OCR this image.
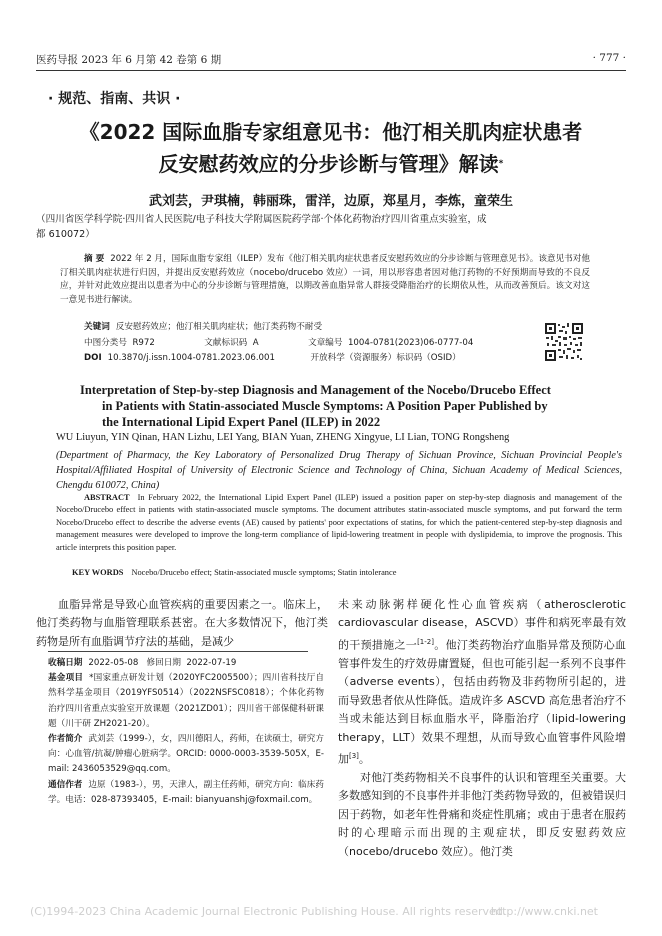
医药导报 2023 年 6 月第 42 卷第 6 期	· 777 ·
· 规范、指南、共识 ·
《2022 国际血脂专家组意见书：他汀相关肌肉症状患者
反安慰药效应的分步诊断与管理》解读*
武刘芸，尹琪楠，韩丽珠，雷洋，边原，郑星月，李炼，童荣生
（四川省医学科学院·四川省人民医院/电子科技大学附属医院药学部·个体化药物治疗四川省重点实验室，成
都 610072）
摘 要 2022 年 2 月，国际血脂专家组（ILEP）发布《他汀相关肌肉症状患者反安慰药效应的分步诊断与管理意见书》。该意见书对他汀相关肌肉症状进行归因，并提出反安慰药效应（nocebo/drucebo 效应）一词，用以形容患者因对他汀药物的不好预期而导致的不良反应，并针对此效应提出以患者为中心的分步诊断与管理措施，以期改善血脂异常人群接受降脂治疗的长期依从性，从而改善预后。该文对这一意见书进行解读。
关键词 反安慰药效应；他汀相关肌肉症状；他汀类药物不耐受
中图分类号 R972	文献标识码 A	文章编号 1004-0781(2023)06-0777-04
DOI 10.3870/j.issn.1004-0781.2023.06.001	开放科学（资源服务）标识码（OSID）
Interpretation of Step-by-step Diagnosis and Management of the Nocebo/Drucebo Effect
in Patients with Statin-associated Muscle Symptoms: A Position Paper Published by
the International Lipid Expert Panel (ILEP) in 2022
WU Liuyun, YIN Qinan, HAN Lizhu, LEI Yang, BIAN Yuan, ZHENG Xingyue, LI Lian, TONG Rongsheng
(Department of Pharmacy, the Key Laboratory of Personalized Drug Therapy of Sichuan Province, Sichuan Provincial People's Hospital/Affiliated Hospital of University of Electronic Science and Technology of China, Sichuan Academy of Medical Sciences, Chengdu 610072, China)
ABSTRACT In February 2022, the International Lipid Expert Panel (ILEP) issued a position paper on step-by-step diagnosis and management of the Nocebo/Drucebo effect in patients with statin-associated muscle symptoms. The document attributes statin-associated muscle symptoms, and put forward the term Nocebo/Drucebo effect to describe the adverse events (AE) caused by patients' poor expectations of statins, for which the patient-centered step-by-step diagnosis and management measures were developed to improve the long-term compliance of lipid-lowering treatment in people with dyslipidemia, to improve the prognosis. This article interprets this position paper.
KEY WORDS Nocebo/Drucebo effect; Statin-associated muscle symptoms; Statin intolerance

血脂异常是导致心血管疾病的重要因素之一。临床上，他汀类药物与血脂管理联系甚密。在大多数情况下，他汀类药物是所有血脂调节疗法的基础，是减少

收稿日期 2022-05-08 修回日期 2022-07-19

基金项目 *国家重点研发计划（2020YFC2005500）；四川省科技厅自然科学基金项目（2019YFS0514）（2022NSFSC0818）；个体化药物治疗四川省重点实验室开放课题（2021ZD01）；四川省干部保健科研课题（川干研 ZH2021-20）。

作者简介 武刘芸（1999-），女，四川德阳人，药师，在读硕士，研究方向：心血管/抗凝/肿瘤心脏病学。ORCID: 0000-0003-3539-505X，E-mail: 2436053529@qq.com。

通信作者 边原（1983-），男，天津人，副主任药师，研究方向：临床药学。电话：028-87393405，E-mail: bianyuanshj@foxmail.com。

未来动脉粥样硬化性心血管疾病（atherosclerotic cardiovascular disease，ASCVD）事件和病死率最有效的干预措施之一[1-2]。他汀类药物治疗血脂异常及预防心血管事件发生的疗效毋庸置疑，但也可能引起一系列不良事件（adverse events），包括由药物及非药物所引起的，进而导致患者依从性降低。造成许多 ASCVD 高危患者治疗不当或未能达到目标血脂水平，降脂治疗（lipid-lowering therapy，LLT）效果不理想，从而导致心血管事件风险增加[3]。

对他汀类药物相关不良事件的认识和管理至关重要。大多数感知到的不良事件并非他汀类药物导致的，但被错误归因于药物，如老年性骨痛和炎症性肌痛；或由于患者在服药时的心理暗示而出现的主观症状，即反安慰药效应（nocebo/drucebo 效应）。他汀类

(C)1994-2023 China Academic Journal Electronic Publishing House. All rights reserved.
http://www.cnki.net
